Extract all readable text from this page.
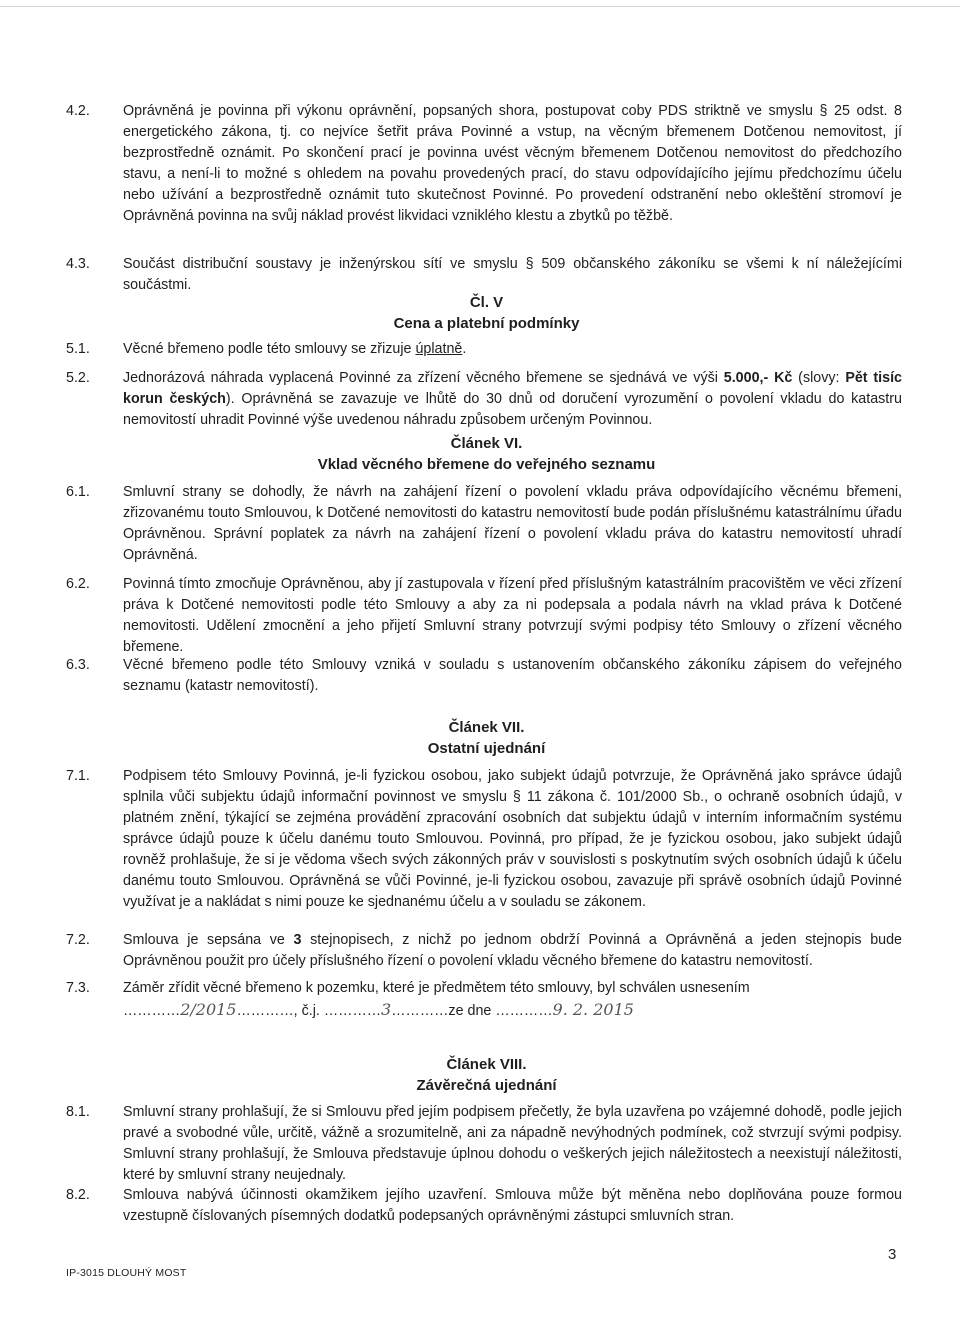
4.2.	Oprávněná je povinna při výkonu oprávnění, popsaných shora, postupovat coby PDS striktně ve smyslu § 25 odst. 8 energetického zákona, tj. co nejvíce šetřit práva Povinné a vstup, na věcným břemenem Dotčenou nemovitost, jí bezprostředně oznámit. Po skončení prací je povinna uvést věcným břemenem Dotčenou nemovitost do předchozího stavu, a není-li to možné s ohledem na povahu provedených prací, do stavu odpovídajícího jejímu předchozímu účelu nebo užívání a bezprostředně oznámit tuto skutečnost Povinné. Po provedení odstranění nebo okleštění stromoví je Oprávněná povinna na svůj náklad provést likvidaci vzniklého klestu a zbytků po těžbě.
4.3.	Součást distribuční soustavy je inženýrskou sítí ve smyslu § 509 občanského zákoníku se všemi k ní náležejícími součástmi.
Čl. V
Cena a platební podmínky
5.1.	Věcné břemeno podle této smlouvy se zřizuje úplatně.
5.2.	Jednorázová náhrada vyplacená Povinné za zřízení věcného břemene se sjednává ve výši 5.000,- Kč (slovy: Pět tisíc korun českých). Oprávněná se zavazuje ve lhůtě do 30 dnů od doručení vyrozumění o povolení vkladu do katastru nemovitostí uhradit Povinné výše uvedenou náhradu způsobem určeným Povinnou.
Článek VI.
Vklad věcného břemene do veřejného seznamu
6.1.	Smluvní strany se dohodly, že návrh na zahájení řízení o povolení vkladu práva odpovídajícího věcnému břemeni, zřizovanému touto Smlouvou, k Dotčené nemovitosti do katastru nemovitostí bude podán příslušnému katastrálnímu úřadu Oprávněnou. Správní poplatek za návrh na zahájení řízení o povolení vkladu práva do katastru nemovitostí uhradí Oprávněná.
6.2.	Povinná tímto zmocňuje Oprávněnou, aby jí zastupovala v řízení před příslušným katastrálním pracovištěm ve věci zřízení práva k Dotčené nemovitosti podle této Smlouvy a aby za ni podepsala a podala návrh na vklad práva k Dotčené nemovitosti. Udělení zmocnění a jeho přijetí Smluvní strany potvrzují svými podpisy této Smlouvy o zřízení věcného břemene.
6.3.	Věcné břemeno podle této Smlouvy vzniká v souladu s ustanovením občanského zákoníku zápisem do veřejného seznamu (katastr nemovitostí).
Článek VII.
Ostatní ujednání
7.1.	Podpisem této Smlouvy Povinná, je-li fyzickou osobou, jako subjekt údajů potvrzuje, že Oprávněná jako správce údajů splnila vůči subjektu údajů informační povinnost ve smyslu § 11 zákona č. 101/2000 Sb., o ochraně osobních údajů, v platném znění, týkající se zejména provádění zpracování osobních dat subjektu údajů v interním informačním systému správce údajů pouze k účelu danému touto Smlouvou. Povinná, pro případ, že je fyzickou osobou, jako subjekt údajů rovněž prohlašuje, že si je vědoma všech svých zákonných práv v souvislosti s poskytnutím svých osobních údajů k účelu danému touto Smlouvou. Oprávněná se vůči Povinné, je-li fyzickou osobou, zavazuje při správě osobních údajů Povinné využívat je a nakládat s nimi pouze ke sjednanému účelu a v souladu se zákonem.
7.2.	Smlouva je sepsána ve 3 stejnopisech, z nichž po jednom obdrží Povinná a Oprávněná a jeden stejnopis bude Oprávněnou použit pro účely příslušného řízení o povolení vkladu věcného břemene do katastru nemovitostí.
7.3.	Záměr zřídit věcné břemeno k pozemku, které je předmětem této smlouvy, byl schválen usnesením
…………2/2015…………, č.j. …………3…………ze dne …………9. 2. 2015
Článek VIII.
Závěrečná ujednání
8.1.	Smluvní strany prohlašují, že si Smlouvu před jejím podpisem přečetly, že byla uzavřena po vzájemné dohodě, podle jejich pravé a svobodné vůle, určitě, vážně a srozumitelně, ani za nápadně nevýhodných podmínek, což stvrzují svými podpisy. Smluvní strany prohlašují, že Smlouva představuje úplnou dohodu o veškerých jejich náležitostech a neexistují náležitosti, které by smluvní strany neujednaly.
8.2.	Smlouva nabývá účinnosti okamžikem jejího uzavření. Smlouva může být měněna nebo doplňována pouze formou vzestupně číslovaných písemných dodatků podepsaných oprávněnými zástupci smluvních stran.
3
IP-3015 DLOUHÝ MOST
